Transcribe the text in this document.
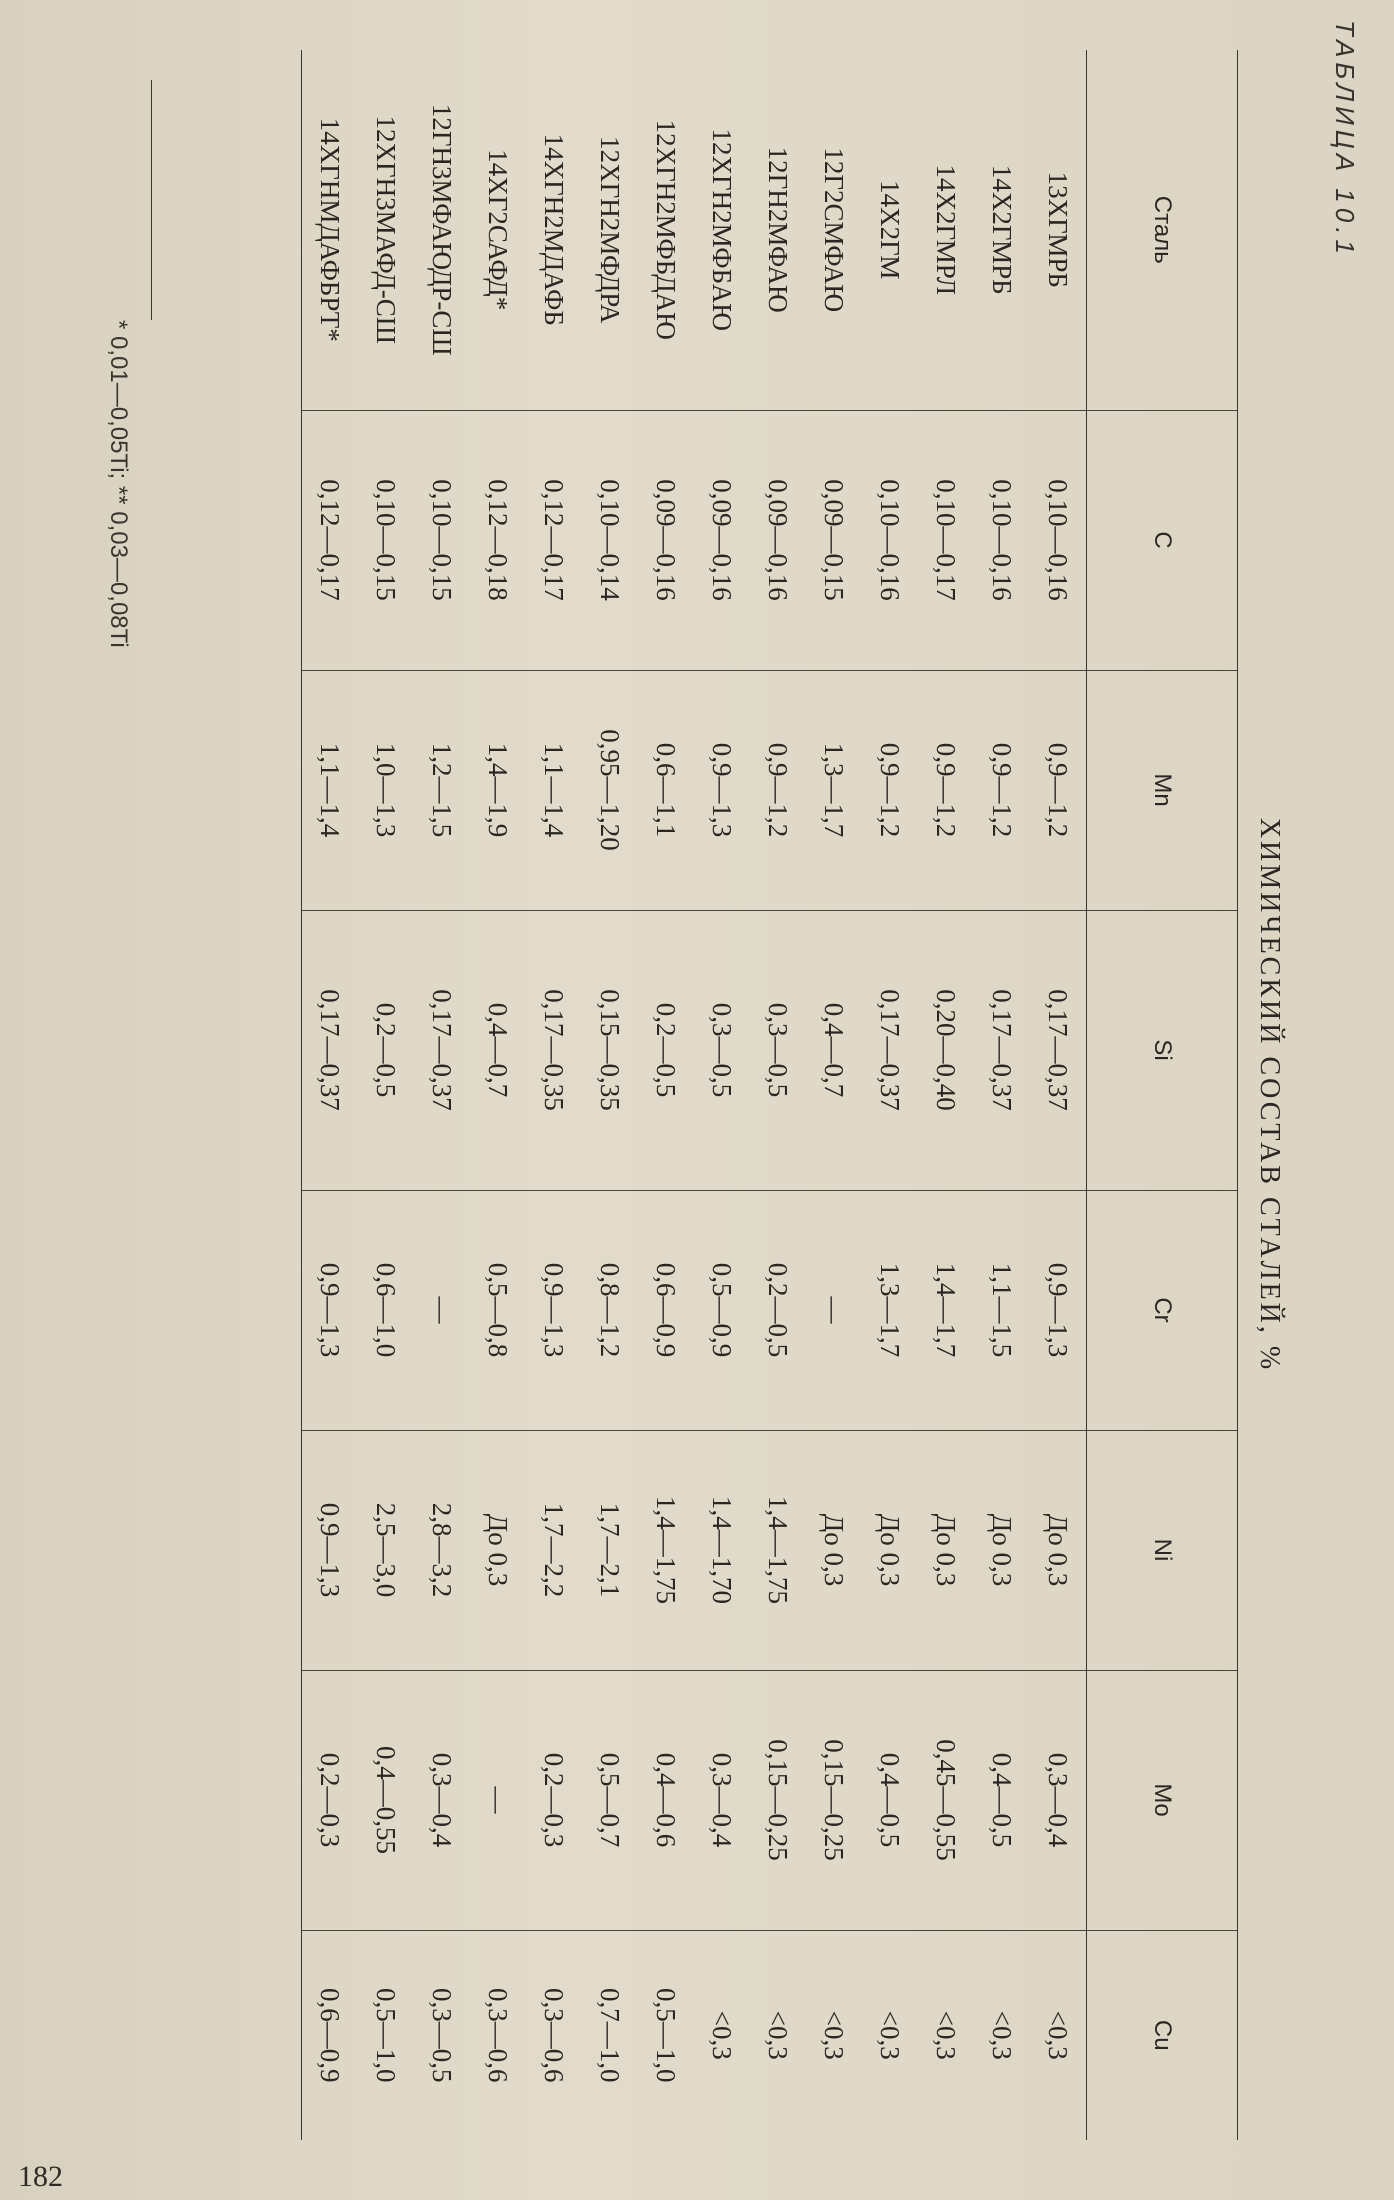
ТАБЛИЦА 10.1
ХИМИЧЕСКИЙ СОСТАВ СТАЛЕЙ, %							
Сталь	C	Mn	Si	Cr	Ni	Mo	Cu
13ХГМРБ	0,10—0,16	0,9—1,2	0,17—0,37	0,9—1,3	До 0,3	0,3—0,4	<0,3
14Х2ГМРБ	0,10—0,16	0,9—1,2	0,17—0,37	1,1—1,5	До 0,3	0,4—0,5	<0,3
14Х2ГМРЛ	0,10—0,17	0,9—1,2	0,20—0,40	1,4—1,7	До 0,3	0,45—0,55	<0,3
14Х2ГМ	0,10—0,16	0,9—1,2	0,17—0,37	1,3—1,7	До 0,3	0,4—0,5	<0,3
12Г2СМФАЮ	0,09—0,15	1,3—1,7	0,4—0,7	—	До 0,3	0,15—0,25	<0,3
12ГН2МФАЮ	0,09—0,16	0,9—1,2	0,3—0,5	0,2—0,5	1,4—1,75	0,15—0,25	<0,3
12ХГН2МФБАЮ	0,09—0,16	0,9—1,3	0,3—0,5	0,5—0,9	1,4—1,70	0,3—0,4	<0,3
12ХГН2МФБДАЮ	0,09—0,16	0,6—1,1	0,2—0,5	0,6—0,9	1,4—1,75	0,4—0,6	0,5—1,0
12ХГН2МФДРА	0,10—0,14	0,95—1,20	0,15—0,35	0,8—1,2	1,7—2,1	0,5—0,7	0,7—1,0
14ХГН2МДАФБ	0,12—0,17	1,1—1,4	0,17—0,35	0,9—1,3	1,7—2,2	0,2—0,3	0,3—0,6
14ХГ2САФД*	0,12—0,18	1,4—1,9	0,4—0,7	0,5—0,8	До 0,3	—	0,3—0,6
12ГН3МФАЮДР-СШ	0,10—0,15	1,2—1,5	0,17—0,37	—	2,8—3,2	0,3—0,4	0,3—0,5
12ХГН3МАФД-СШ	0,10—0,15	1,0—1,3	0,2—0,5	0,6—1,0	2,5—3,0	0,4—0,55	0,5—1,0
14ХГНМДАФБРТ*	0,12—0,17	1,1—1,4	0,17—0,37	0,9—1,3	0,9—1,3	0,2—0,3	0,6—0,9
* 0,01—0,05Ti; ** 0,03—0,08Ti
182
